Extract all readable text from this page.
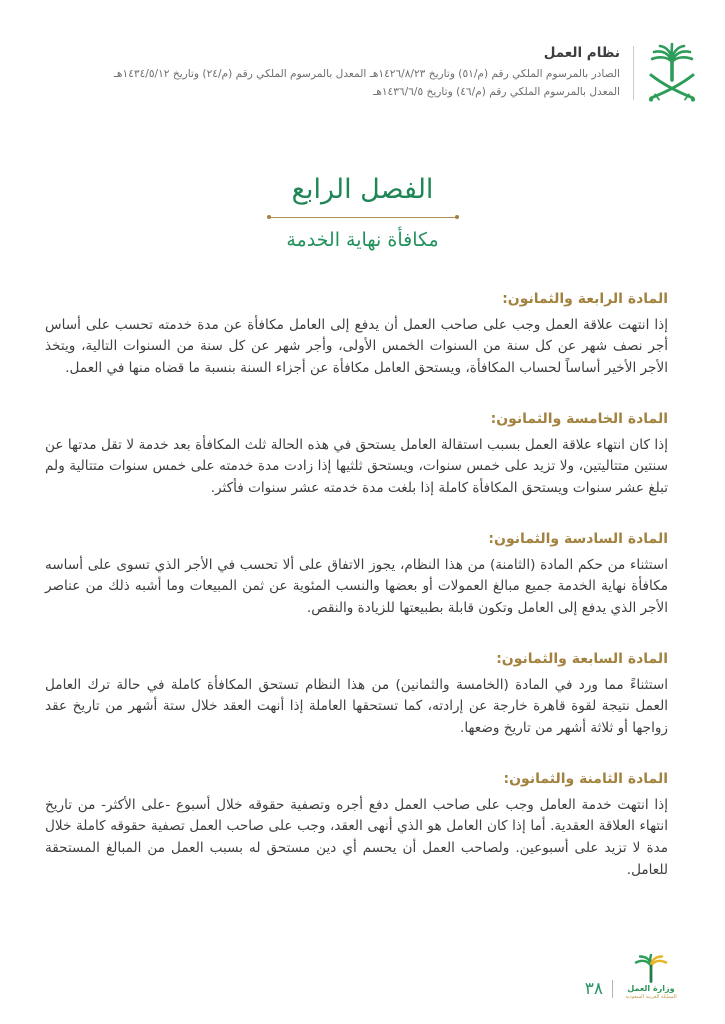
نظام العمل
الصادر بالمرسوم الملكي رقم (م/٥١) وتاريخ ١٤٢٦/٨/٢٣هـ المعدل بالمرسوم الملكي رقم (م/٢٤) وتاريخ ١٤٣٤/٥/١٢هـ
المعدل بالمرسوم الملكي رقم (م/٤٦) وتاريخ ١٤٣٦/٦/٥هـ
الفصل الرابع
مكافأة نهاية الخدمة
المادة الرابعة والثمانون:

إذا انتهت علاقة العمل وجب على صاحب العمل أن يدفع إلى العامل مكافأة عن مدة خدمته تحسب على أساس أجر نصف شهر عن كل سنة من السنوات الخمس الأولى، وأجر شهر عن كل سنة من السنوات التالية، ويتخذ الأجر الأخير أساساً لحساب المكافأة، ويستحق العامل مكافأة عن أجزاء السنة بنسبة ما قضاه منها في العمل.

المادة الخامسة والثمانون:

إذا كان انتهاء علاقة العمل بسبب استقالة العامل يستحق في هذه الحالة ثلث المكافأة بعد خدمة لا تقل مدتها عن سنتين متتاليتين، ولا تزيد على خمس سنوات، ويستحق ثلثيها إذا زادت مدة خدمته على خمس سنوات متتالية ولم تبلغ عشر سنوات ويستحق المكافأة كاملة إذا بلغت مدة خدمته عشر سنوات فأكثر.

المادة السادسة والثمانون:

استثناء من حكم المادة (الثامنة) من هذا النظام، يجوز الاتفاق على ألا تحسب في الأجر الذي تسوى على أساسه مكافأة نهاية الخدمة جميع مبالغ العمولات أو بعضها والنسب المئوية عن ثمن المبيعات وما أشبه ذلك من عناصر الأجر الذي يدفع إلى العامل وتكون قابلة بطبيعتها للزيادة والنقص.

المادة السابعة والثمانون:

استثناءً مما ورد في المادة (الخامسة والثمانين) من هذا النظام تستحق المكافأة كاملة في حالة ترك العامل العمل نتيجة لقوة قاهرة خارجة عن إرادته، كما تستحقها العاملة إذا أنهت العقد خلال ستة أشهر من تاريخ عقد زواجها أو ثلاثة أشهر من تاريخ وضعها.

المادة الثامنة والثمانون:

إذا انتهت خدمة العامل وجب على صاحب العمل دفع أجره وتصفية حقوقه خلال أسبوع -على الأكثر- من تاريخ انتهاء العلاقة العقدية. أما إذا كان العامل هو الذي أنهى العقد، وجب على صاحب العمل تصفية حقوقه كاملة خلال مدة لا تزيد على أسبوعين. ولصاحب العمل أن يحسم أي دين مستحق له بسبب العمل من المبالغ المستحقة للعامل.

٣٨	وزارة العمل
المملكة العربية السعودية
